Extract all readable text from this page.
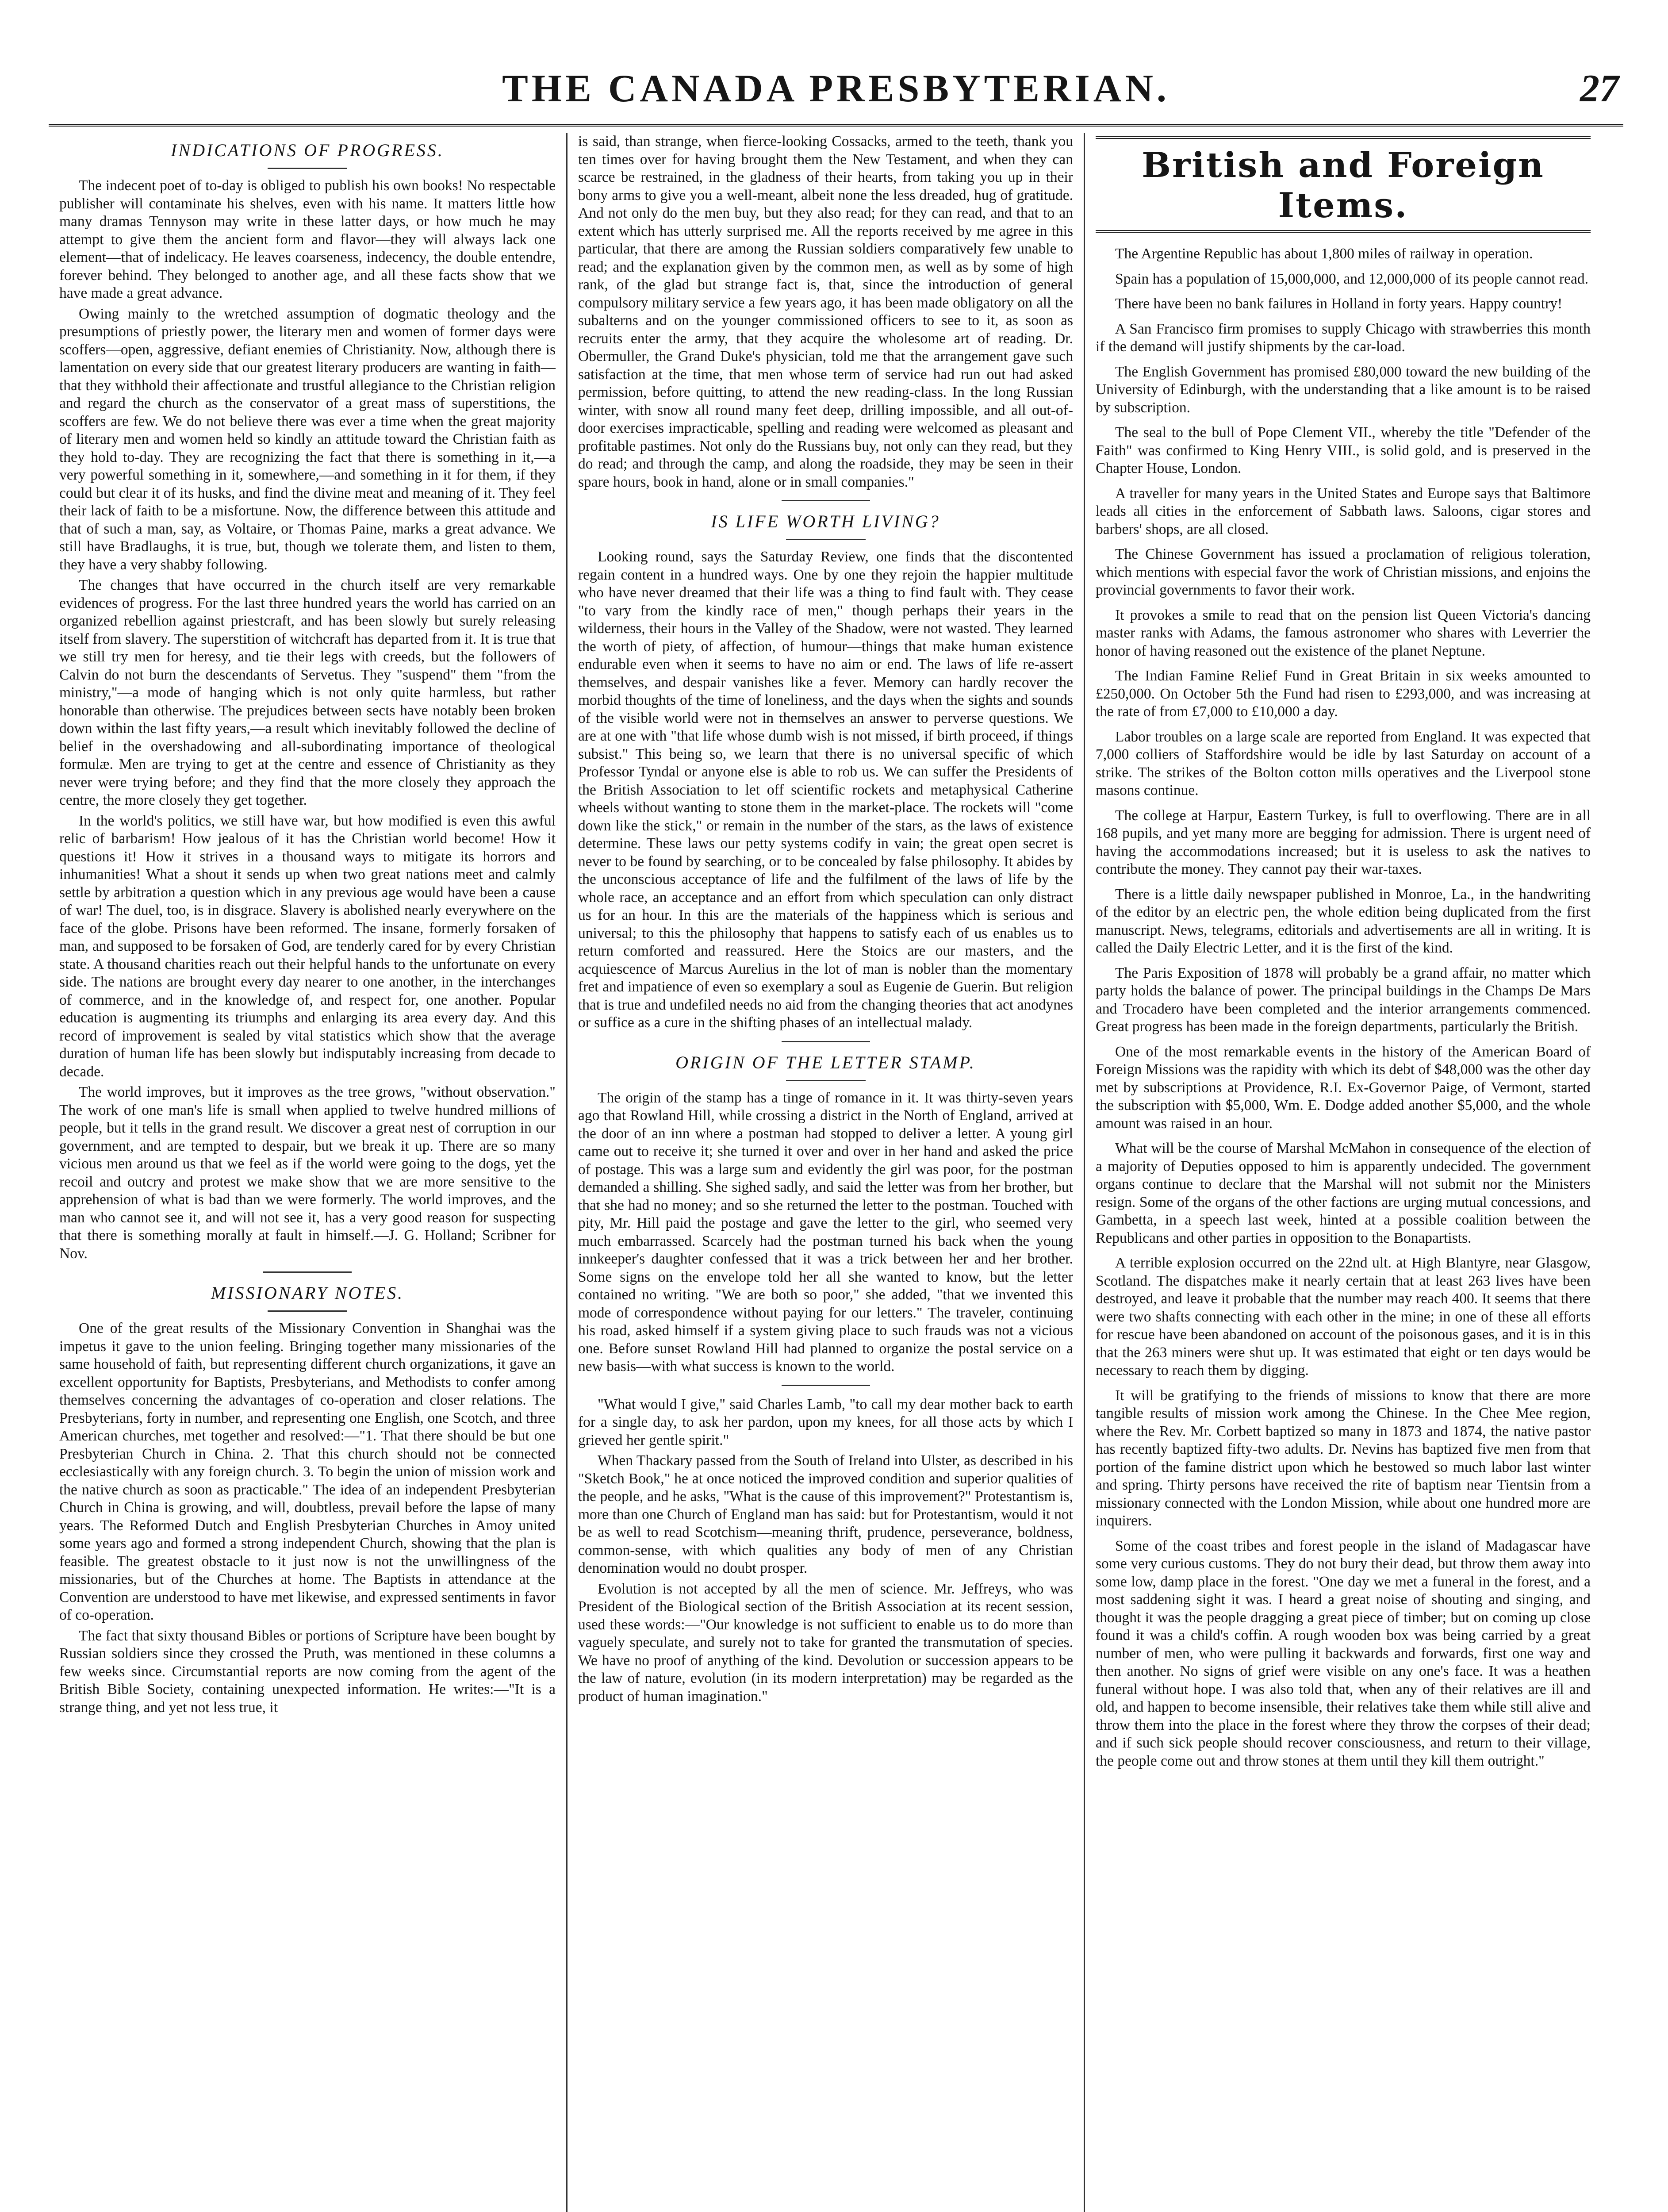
THE CANADA PRESBYTERIAN.	27
INDICATIONS OF PROGRESS.

The indecent poet of to-day is obliged to publish his own books! No respectable publisher will contaminate his shelves, even with his name. It matters little how many dramas Tennyson may write in these latter days, or how much he may attempt to give them the ancient form and flavor—they will always lack one element—that of indelicacy. He leaves coarseness, indecency, the double entendre, forever behind. They belonged to another age, and all these facts show that we have made a great advance.

Owing mainly to the wretched assumption of dogmatic theology and the presumptions of priestly power, the literary men and women of former days were scoffers—open, aggressive, defiant enemies of Christianity. Now, although there is lamentation on every side that our greatest literary producers are wanting in faith—that they withhold their affectionate and trustful allegiance to the Christian religion and regard the church as the conservator of a great mass of superstitions, the scoffers are few. We do not believe there was ever a time when the great majority of literary men and women held so kindly an attitude toward the Christian faith as they hold to-day. They are recognizing the fact that there is something in it,—a very powerful something in it, somewhere,—and something in it for them, if they could but clear it of its husks, and find the divine meat and meaning of it. They feel their lack of faith to be a misfortune. Now, the difference between this attitude and that of such a man, say, as Voltaire, or Thomas Paine, marks a great advance. We still have Bradlaughs, it is true, but, though we tolerate them, and listen to them, they have a very shabby following.

The changes that have occurred in the church itself are very remarkable evidences of progress. For the last three hundred years the world has carried on an organized rebellion against priestcraft, and has been slowly but surely releasing itself from slavery. The superstition of witchcraft has departed from it. It is true that we still try men for heresy, and tie their legs with creeds, but the followers of Calvin do not burn the descendants of Servetus. They "suspend" them "from the ministry,"—a mode of hanging which is not only quite harmless, but rather honorable than otherwise. The prejudices between sects have notably been broken down within the last fifty years,—a result which inevitably followed the decline of belief in the overshadowing and all-subordinating importance of theological formulæ. Men are trying to get at the centre and essence of Christianity as they never were trying before; and they find that the more closely they approach the centre, the more closely they get together.

In the world's politics, we still have war, but how modified is even this awful relic of barbarism! How jealous of it has the Christian world become! How it questions it! How it strives in a thousand ways to mitigate its horrors and inhumanities! What a shout it sends up when two great nations meet and calmly settle by arbitration a question which in any previous age would have been a cause of war! The duel, too, is in disgrace. Slavery is abolished nearly everywhere on the face of the globe. Prisons have been reformed. The insane, formerly forsaken of man, and supposed to be forsaken of God, are tenderly cared for by every Christian state. A thousand charities reach out their helpful hands to the unfortunate on every side. The nations are brought every day nearer to one another, in the interchanges of commerce, and in the knowledge of, and respect for, one another. Popular education is augmenting its triumphs and enlarging its area every day. And this record of improvement is sealed by vital statistics which show that the average duration of human life has been slowly but indisputably increasing from decade to decade.

The world improves, but it improves as the tree grows, "without observation." The work of one man's life is small when applied to twelve hundred millions of people, but it tells in the grand result. We discover a great nest of corruption in our government, and are tempted to despair, but we break it up. There are so many vicious men around us that we feel as if the world were going to the dogs, yet the recoil and outcry and protest we make show that we are more sensitive to the apprehension of what is bad than we were formerly. The world improves, and the man who cannot see it, and will not see it, has a very good reason for suspecting that there is something morally at fault in himself.—J. G. Holland; Scribner for Nov.

MISSIONARY NOTES.

One of the great results of the Missionary Convention in Shanghai was the impetus it gave to the union feeling. Bringing together many missionaries of the same household of faith, but representing different church organizations, it gave an excellent opportunity for Baptists, Presbyterians, and Methodists to confer among themselves concerning the advantages of co-operation and closer relations. The Presbyterians, forty in number, and representing one English, one Scotch, and three American churches, met together and resolved:—"1. That there should be but one Presbyterian Church in China. 2. That this church should not be connected ecclesiastically with any foreign church. 3. To begin the union of mission work and the native church as soon as practicable." The idea of an independent Presbyterian Church in China is growing, and will, doubtless, prevail before the lapse of many years. The Reformed Dutch and English Presbyterian Churches in Amoy united some years ago and formed a strong independent Church, showing that the plan is feasible. The greatest obstacle to it just now is not the unwillingness of the missionaries, but of the Churches at home. The Baptists in attendance at the Convention are understood to have met likewise, and expressed sentiments in favor of co-operation.

The fact that sixty thousand Bibles or portions of Scripture have been bought by Russian soldiers since they crossed the Pruth, was mentioned in these columns a few weeks since. Circumstantial reports are now coming from the agent of the British Bible Society, containing unexpected information. He writes:—"It is a strange thing, and yet not less true, it

is said, than strange, when fierce-looking Cossacks, armed to the teeth, thank you ten times over for having brought them the New Testament, and when they can scarce be restrained, in the gladness of their hearts, from taking you up in their bony arms to give you a well-meant, albeit none the less dreaded, hug of gratitude. And not only do the men buy, but they also read; for they can read, and that to an extent which has utterly surprised me. All the reports received by me agree in this particular, that there are among the Russian soldiers comparatively few unable to read; and the explanation given by the common men, as well as by some of high rank, of the glad but strange fact is, that, since the introduction of general compulsory military service a few years ago, it has been made obligatory on all the subalterns and on the younger commissioned officers to see to it, as soon as recruits enter the army, that they acquire the wholesome art of reading. Dr. Obermuller, the Grand Duke's physician, told me that the arrangement gave such satisfaction at the time, that men whose term of service had run out had asked permission, before quitting, to attend the new reading-class. In the long Russian winter, with snow all round many feet deep, drilling impossible, and all out-of-door exercises impracticable, spelling and reading were welcomed as pleasant and profitable pastimes. Not only do the Russians buy, not only can they read, but they do read; and through the camp, and along the roadside, they may be seen in their spare hours, book in hand, alone or in small companies."

IS LIFE WORTH LIVING?

Looking round, says the Saturday Review, one finds that the discontented regain content in a hundred ways. One by one they rejoin the happier multitude who have never dreamed that their life was a thing to find fault with. They cease "to vary from the kindly race of men," though perhaps their years in the wilderness, their hours in the Valley of the Shadow, were not wasted. They learned the worth of piety, of affection, of humour—things that make human existence endurable even when it seems to have no aim or end. The laws of life re-assert themselves, and despair vanishes like a fever. Memory can hardly recover the morbid thoughts of the time of loneliness, and the days when the sights and sounds of the visible world were not in themselves an answer to perverse questions. We are at one with "that life whose dumb wish is not missed, if birth proceed, if things subsist." This being so, we learn that there is no universal specific of which Professor Tyndal or anyone else is able to rob us. We can suffer the Presidents of the British Association to let off scientific rockets and metaphysical Catherine wheels without wanting to stone them in the market-place. The rockets will "come down like the stick," or remain in the number of the stars, as the laws of existence determine. These laws our petty systems codify in vain; the great open secret is never to be found by searching, or to be concealed by false philosophy. It abides by the unconscious acceptance of life and the fulfilment of the laws of life by the whole race, an acceptance and an effort from which speculation can only distract us for an hour. In this are the materials of the happiness which is serious and universal; to this the philosophy that happens to satisfy each of us enables us to return comforted and reassured. Here the Stoics are our masters, and the acquiescence of Marcus Aurelius in the lot of man is nobler than the momentary fret and impatience of even so exemplary a soul as Eugenie de Guerin. But religion that is true and undefiled needs no aid from the changing theories that act anodynes or suffice as a cure in the shifting phases of an intellectual malady.

ORIGIN OF THE LETTER STAMP.

The origin of the stamp has a tinge of romance in it. It was thirty-seven years ago that Rowland Hill, while crossing a district in the North of England, arrived at the door of an inn where a postman had stopped to deliver a letter. A young girl came out to receive it; she turned it over and over in her hand and asked the price of postage. This was a large sum and evidently the girl was poor, for the postman demanded a shilling. She sighed sadly, and said the letter was from her brother, but that she had no money; and so she returned the letter to the postman. Touched with pity, Mr. Hill paid the postage and gave the letter to the girl, who seemed very much embarrassed. Scarcely had the postman turned his back when the young innkeeper's daughter confessed that it was a trick between her and her brother. Some signs on the envelope told her all she wanted to know, but the letter contained no writing. "We are both so poor," she added, "that we invented this mode of correspondence without paying for our letters." The traveler, continuing his road, asked himself if a system giving place to such frauds was not a vicious one. Before sunset Rowland Hill had planned to organize the postal service on a new basis—with what success is known to the world.

"What would I give," said Charles Lamb, "to call my dear mother back to earth for a single day, to ask her pardon, upon my knees, for all those acts by which I grieved her gentle spirit."

When Thackary passed from the South of Ireland into Ulster, as described in his "Sketch Book," he at once noticed the improved condition and superior qualities of the people, and he asks, "What is the cause of this improvement?" Protestantism is, more than one Church of England man has said: but for Protestantism, would it not be as well to read Scotchism—meaning thrift, prudence, perseverance, boldness, common-sense, with which qualities any body of men of any Christian denomination would no doubt prosper.

Evolution is not accepted by all the men of science. Mr. Jeffreys, who was President of the Biological section of the British Association at its recent session, used these words:—"Our knowledge is not sufficient to enable us to do more than vaguely speculate, and surely not to take for granted the transmutation of species. We have no proof of anything of the kind. Devolution or succession appears to be the law of nature, evolution (in its modern interpretation) may be regarded as the product of human imagination."

British and Foreign Items.

The Argentine Republic has about 1,800 miles of railway in operation.

Spain has a population of 15,000,000, and 12,000,000 of its people cannot read.

There have been no bank failures in Holland in forty years. Happy country!

A San Francisco firm promises to supply Chicago with strawberries this month if the demand will justify shipments by the car-load.

The English Government has promised £80,000 toward the new building of the University of Edinburgh, with the understanding that a like amount is to be raised by subscription.

The seal to the bull of Pope Clement VII., whereby the title "Defender of the Faith" was confirmed to King Henry VIII., is solid gold, and is preserved in the Chapter House, London.

A traveller for many years in the United States and Europe says that Baltimore leads all cities in the enforcement of Sabbath laws. Saloons, cigar stores and barbers' shops, are all closed.

The Chinese Government has issued a proclamation of religious toleration, which mentions with especial favor the work of Christian missions, and enjoins the provincial governments to favor their work.

It provokes a smile to read that on the pension list Queen Victoria's dancing master ranks with Adams, the famous astronomer who shares with Leverrier the honor of having reasoned out the existence of the planet Neptune.

The Indian Famine Relief Fund in Great Britain in six weeks amounted to £250,000. On October 5th the Fund had risen to £293,000, and was increasing at the rate of from £7,000 to £10,000 a day.

Labor troubles on a large scale are reported from England. It was expected that 7,000 colliers of Staffordshire would be idle by last Saturday on account of a strike. The strikes of the Bolton cotton mills operatives and the Liverpool stone masons continue.

The college at Harpur, Eastern Turkey, is full to overflowing. There are in all 168 pupils, and yet many more are begging for admission. There is urgent need of having the accommodations increased; but it is useless to ask the natives to contribute the money. They cannot pay their war-taxes.

There is a little daily newspaper published in Monroe, La., in the handwriting of the editor by an electric pen, the whole edition being duplicated from the first manuscript. News, telegrams, editorials and advertisements are all in writing. It is called the Daily Electric Letter, and it is the first of the kind.

The Paris Exposition of 1878 will probably be a grand affair, no matter which party holds the balance of power. The principal buildings in the Champs De Mars and Trocadero have been completed and the interior arrangements commenced. Great progress has been made in the foreign departments, particularly the British.

One of the most remarkable events in the history of the American Board of Foreign Missions was the rapidity with which its debt of $48,000 was the other day met by subscriptions at Providence, R.I. Ex-Governor Paige, of Vermont, started the subscription with $5,000, Wm. E. Dodge added another $5,000, and the whole amount was raised in an hour.

What will be the course of Marshal McMahon in consequence of the election of a majority of Deputies opposed to him is apparently undecided. The government organs continue to declare that the Marshal will not submit nor the Ministers resign. Some of the organs of the other factions are urging mutual concessions, and Gambetta, in a speech last week, hinted at a possible coalition between the Republicans and other parties in opposition to the Bonapartists.

A terrible explosion occurred on the 22nd ult. at High Blantyre, near Glasgow, Scotland. The dispatches make it nearly certain that at least 263 lives have been destroyed, and leave it probable that the number may reach 400. It seems that there were two shafts connecting with each other in the mine; in one of these all efforts for rescue have been abandoned on account of the poisonous gases, and it is in this that the 263 miners were shut up. It was estimated that eight or ten days would be necessary to reach them by digging.

It will be gratifying to the friends of missions to know that there are more tangible results of mission work among the Chinese. In the Chee Mee region, where the Rev. Mr. Corbett baptized so many in 1873 and 1874, the native pastor has recently baptized fifty-two adults. Dr. Nevins has baptized five men from that portion of the famine district upon which he bestowed so much labor last winter and spring. Thirty persons have received the rite of baptism near Tientsin from a missionary connected with the London Mission, while about one hundred more are inquirers.

Some of the coast tribes and forest people in the island of Madagascar have some very curious customs. They do not bury their dead, but throw them away into some low, damp place in the forest. "One day we met a funeral in the forest, and a most saddening sight it was. I heard a great noise of shouting and singing, and thought it was the people dragging a great piece of timber; but on coming up close found it was a child's coffin. A rough wooden box was being carried by a great number of men, who were pulling it backwards and forwards, first one way and then another. No signs of grief were visible on any one's face. It was a heathen funeral without hope. I was also told that, when any of their relatives are ill and old, and happen to become insensible, their relatives take them while still alive and throw them into the place in the forest where they throw the corpses of their dead; and if such sick people should recover consciousness, and return to their village, the people come out and throw stones at them until they kill them outright."
